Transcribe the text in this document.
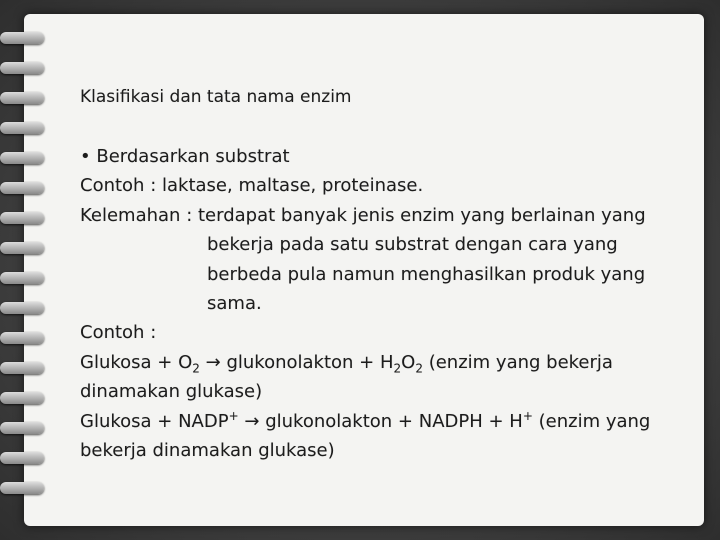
Klasifikasi dan tata nama enzim
• Berdasarkan substrat
Contoh : laktase, maltase, proteinase.
Kelemahan : terdapat banyak jenis enzim yang berlainan yang
bekerja pada satu substrat dengan cara yang
berbeda pula namun menghasilkan produk yang
sama.
Contoh :
Glukosa + $O_2$ → glukonolakton + $H_2O_2$ (enzim yang bekerja
dinamakan glukase)
Glukosa + NADP+ → glukonolakton + NADPH + H+ (enzim yang
bekerja dinamakan glukase)
